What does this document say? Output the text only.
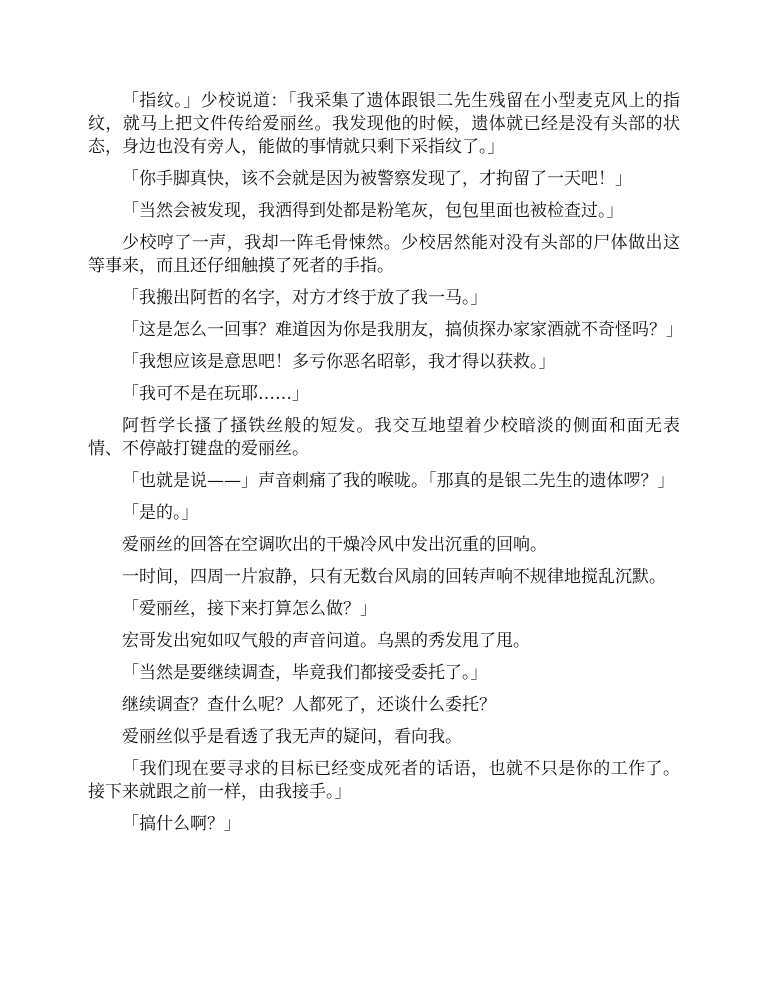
「指纹。」少校说道：「我采集了遗体跟银二先生残留在小型麦克风上的指纹，就马上把文件传给爱丽丝。我发现他的时候，遗体就已经是没有头部的状态，身边也没有旁人，能做的事情就只剩下采指纹了。」

「你手脚真快，该不会就是因为被警察发现了，才拘留了一天吧！」

「当然会被发现，我洒得到处都是粉笔灰，包包里面也被检查过。」

少校哼了一声，我却一阵毛骨悚然。少校居然能对没有头部的尸体做出这等事来，而且还仔细触摸了死者的手指。

「我搬出阿哲的名字，对方才终于放了我一马。」

「这是怎么一回事？难道因为你是我朋友，搞侦探办家家酒就不奇怪吗？」

「我想应该是意思吧！多亏你恶名昭彰，我才得以获救。」

「我可不是在玩耶……」

阿哲学长搔了搔铁丝般的短发。我交互地望着少校暗淡的侧面和面无表情、不停敲打键盘的爱丽丝。

「也就是说——」声音刺痛了我的喉咙。「那真的是银二先生的遗体啰？」

「是的。」

爱丽丝的回答在空调吹出的干燥冷风中发出沉重的回响。

一时间，四周一片寂静，只有无数台风扇的回转声响不规律地搅乱沉默。

「爱丽丝，接下来打算怎么做？」

宏哥发出宛如叹气般的声音问道。乌黑的秀发甩了甩。

「当然是要继续调查，毕竟我们都接受委托了。」

继续调查？查什么呢？人都死了，还谈什么委托？

爱丽丝似乎是看透了我无声的疑问，看向我。

「我们现在要寻求的目标已经变成死者的话语，也就不只是你的工作了。接下来就跟之前一样，由我接手。」

「搞什么啊？」
